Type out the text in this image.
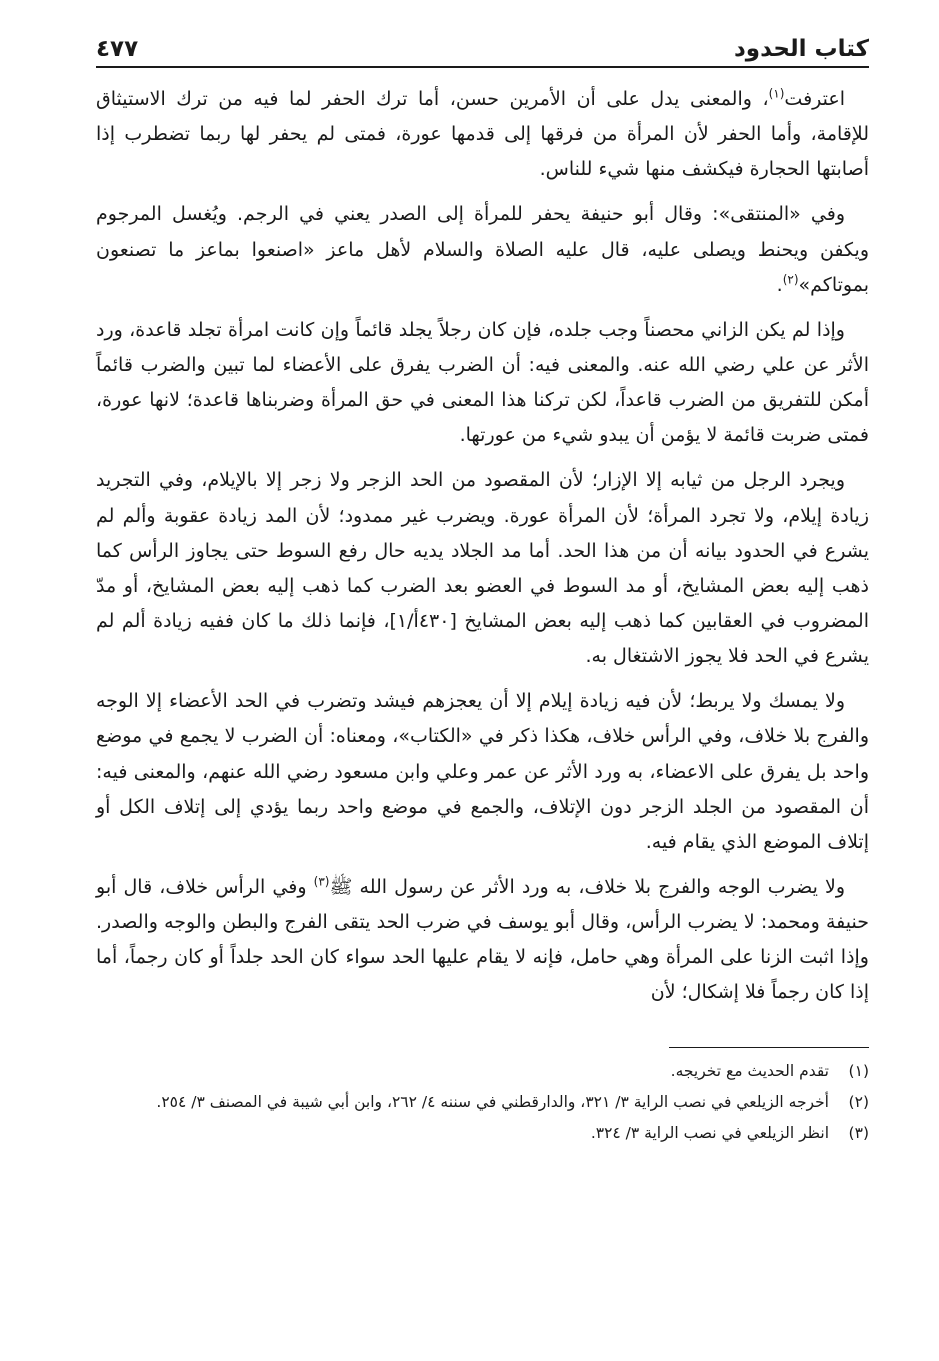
كتاب الحدود
٤٧٧

اعترفت$^{(١)}$، والمعنى يدل على أن الأمرين حسن، أما ترك الحفر لما فيه من ترك الاستيثاق للإقامة، وأما الحفر لأن المرأة من فرقها إلى قدمها عورة، فمتى لم يحفر لها ربما تضطرب إذا أصابتها الحجارة فيكشف منها شيء للناس.

وفي «المنتقى»: وقال أبو حنيفة يحفر للمرأة إلى الصدر يعني في الرجم. ويُغسل المرجوم ويكفن ويحنط ويصلى عليه، قال عليه الصلاة والسلام لأهل ماعز «اصنعوا بماعز ما تصنعون بموتاكم»$^{(٢)}$.

وإذا لم يكن الزاني محصناً وجب جلده، فإن كان رجلاً يجلد قائماً وإن كانت امرأة تجلد قاعدة، ورد الأثر عن علي رضي الله عنه. والمعنى فيه: أن الضرب يفرق على الأعضاء لما تبين والضرب قائماً أمكن للتفريق من الضرب قاعداً، لكن تركنا هذا المعنى في حق المرأة وضربناها قاعدة؛ لانها عورة، فمتى ضربت قائمة لا يؤمن أن يبدو شيء من عورتها.

ويجرد الرجل من ثيابه إلا الإزار؛ لأن المقصود من الحد الزجر ولا زجر إلا بالإيلام، وفي التجريد زيادة إيلام، ولا تجرد المرأة؛ لأن المرأة عورة. ويضرب غير ممدود؛ لأن المد زيادة عقوبة وألم لم يشرع في الحدود بيانه أن من هذا الحد. أما مد الجلاد يديه حال رفع السوط حتى يجاوز الرأس كما ذهب إليه بعض المشايخ، أو مد السوط في العضو بعد الضرب كما ذهب إليه بعض المشايخ، أو مدّ المضروب في العقابين كما ذهب إليه بعض المشايخ [٤٣٠أ/١]، فإنما ذلك ما كان ففيه زيادة ألم لم يشرع في الحد فلا يجوز الاشتغال به.

ولا يمسك ولا يربط؛ لأن فيه زيادة إيلام إلا أن يعجزهم فيشد وتضرب في الحد الأعضاء إلا الوجه والفرج بلا خلاف، وفي الرأس خلاف، هكذا ذكر في «الكتاب»، ومعناه: أن الضرب لا يجمع في موضع واحد بل يفرق على الاعضاء، به ورد الأثر عن عمر وعلي وابن مسعود رضي الله عنهم، والمعنى فيه: أن المقصود من الجلد الزجر دون الإتلاف، والجمع في موضع واحد ربما يؤدي إلى إتلاف الكل أو إتلاف الموضع الذي يقام فيه.

ولا يضرب الوجه والفرج بلا خلاف، به ورد الأثر عن رسول الله ﷺ$^{(٣)}$ وفي الرأس خلاف، قال أبو حنيفة ومحمد: لا يضرب الرأس، وقال أبو يوسف في ضرب الحد يتقى الفرج والبطن والوجه والصدر. وإذا اثبت الزنا على المرأة وهي حامل، فإنه لا يقام عليها الحد سواء كان الحد جلداً أو كان رجماً، أما إذا كان رجماً فلا إشكال؛ لأن

(١)
تقدم الحديث مع تخريجه.
(٢)
أخرجه الزيلعي في نصب الراية ٣/ ٣٢١، والدارقطني في سننه ٤/ ٢٦٢، وابن أبي شيبة في المصنف ٣/ ٢٥٤.
(٣)
انظر الزيلعي في نصب الراية ٣/ ٣٢٤.
